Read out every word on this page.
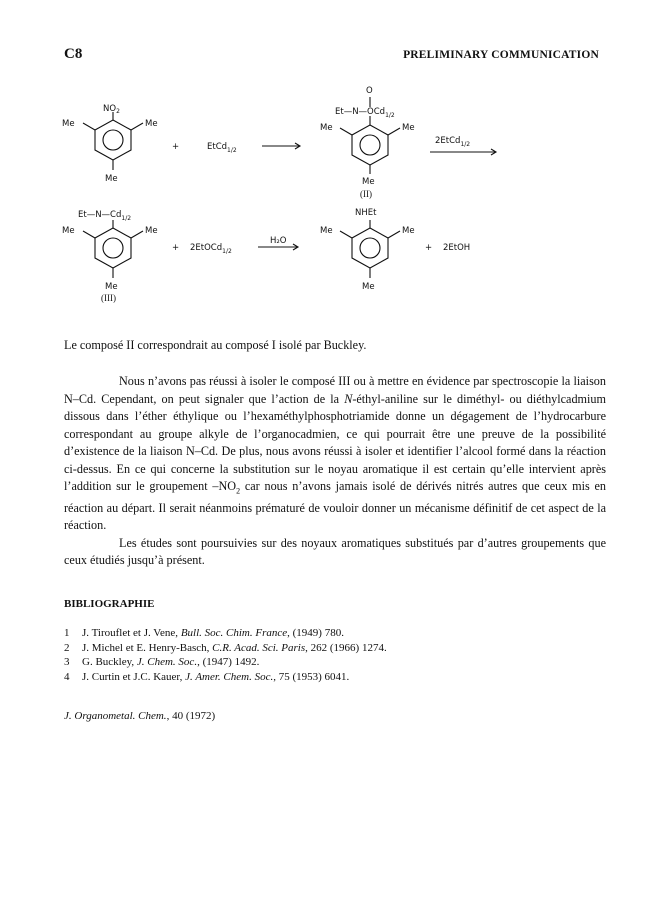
C8	PRELIMINARY COMMUNICATION
$NO_2$
Me	Me
Me
+	EtCd$_{1/2}$
O
Et—N—OCd$_{1/2}$
Me	Me
Me
(II)
2EtCd$_{1/2}$
$Et—N—Cd_{1/2}$
Me	Me
Me
(III)
+ 2EtOCd$_{1/2}$
H₂O
NHEt
Me	Me
Me
+ 2EtOH

Le composé II correspondrait au composé I isolé par Buckley.

Nous n’avons pas réussi à isoler le composé III ou à mettre en évidence par spectroscopie la liaison N–Cd. Cependant, on peut signaler que l’action de la N-éthyl-aniline sur le diméthyl- ou diéthylcadmium dissous dans l’éther éthylique ou l’hexaméthylphosphotriamide donne un dégagement de l’hydrocarbure correspondant au groupe alkyle de l’organocadmien, ce qui pourrait être une preuve de la possibilité d’existence de la liaison N–Cd. De plus, nous avons réussi à isoler et identifier l’alcool formé dans la réaction ci-dessus. En ce qui concerne la substitution sur le noyau aromatique il est certain qu’elle intervient après l’addition sur le groupement $-NO_2$ car nous n’avons jamais isolé de dérivés nitrés autres que ceux mis en réaction au départ. Il serait néanmoins prématuré de vouloir donner un mécanisme définitif de cet aspect de la réaction.

Les études sont poursuivies sur des noyaux aromatiques substitués par d’autres groupements que ceux étudiés jusqu’à présent.

BIBLIOGRAPHIE
1	J. Tirouflet et J. Vene, Bull. Soc. Chim. France, (1949) 780.
2	J. Michel et E. Henry-Basch, C.R. Acad. Sci. Paris, 262 (1966) 1274.
3	G. Buckley, J. Chem. Soc., (1947) 1492.
4	J. Curtin et J.C. Kauer, J. Amer. Chem. Soc., 75 (1953) 6041.
J. Organometal. Chem., 40 (1972)
